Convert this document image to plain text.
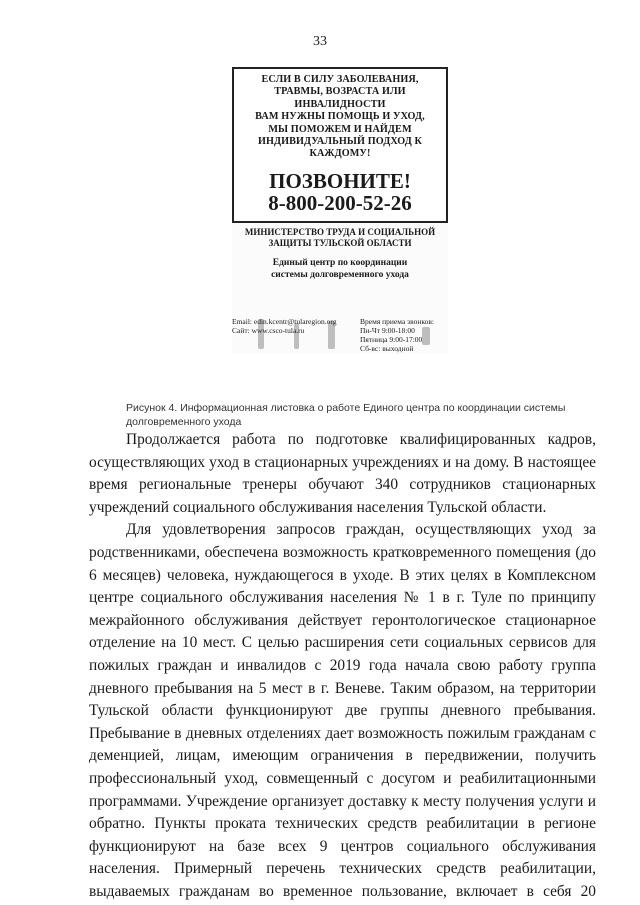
33
ЕСЛИ В СИЛУ ЗАБОЛЕВАНИЯ,
ТРАВМЫ, ВОЗРАСТА ИЛИ
ИНВАЛИДНОСТИ
ВАМ НУЖНЫ ПОМОЩЬ И УХОД,
МЫ ПОМОЖЕМ И НАЙДЕМ
ИНДИВИДУАЛЬНЫЙ ПОДХОД К
КАЖДОМУ!
ПОЗВОНИТЕ!
8-800-200-52-26
МИНИСТЕРСТВО ТРУДА И СОЦИАЛЬНОЙ
ЗАЩИТЫ ТУЛЬСКОЙ ОБЛАСТИ
Единый центр по координации
системы долговременного ухода
Email: edin.kcentr@tularegion.org
Сайт: www.csco-tula.ru
Время приема звонков:
Пн-Чт 9:00-18:00
Пятница 9:00-17:00
Сб-вс: выходной
Рисунок 4. Информационная листовка о работе Единого центра по координации системы
долговременного ухода

Продолжается работа по подготовке квалифицированных кадров, осуществляющих уход в стационарных учреждениях и на дому. В настоящее время региональные тренеры обучают 340 сотрудников стационарных учреждений социального обслуживания населения Тульской области.

Для удовлетворения запросов граждан, осуществляющих уход за родственниками, обеспечена возможность кратковременного помещения (до 6 месяцев) человека, нуждающегося в уходе. В этих целях в Комплексном центре социального обслуживания населения № 1 в г. Туле по принципу межрайонного обслуживания действует геронтологическое стационарное отделение на 10 мест. С целью расширения сети социальных сервисов для пожилых граждан и инвалидов с 2019 года начала свою работу группа дневного пребывания на 5 мест в г. Веневе. Таким образом, на территории Тульской области функционируют две группы дневного пребывания. Пребывание в дневных отделениях дает возможность пожилым гражданам с деменцией, лицам, имеющим ограничения в передвижении, получить профессиональный уход, совмещенный с досугом и реабилитационными программами. Учреждение организует доставку к месту получения услуги и обратно. Пункты проката технических средств реабилитации в регионе функционируют на базе всех 9 центров социального обслуживания населения. Примерный перечень технических средств реабилитации, выдаваемых гражданам во временное пользование, включает в себя 20
